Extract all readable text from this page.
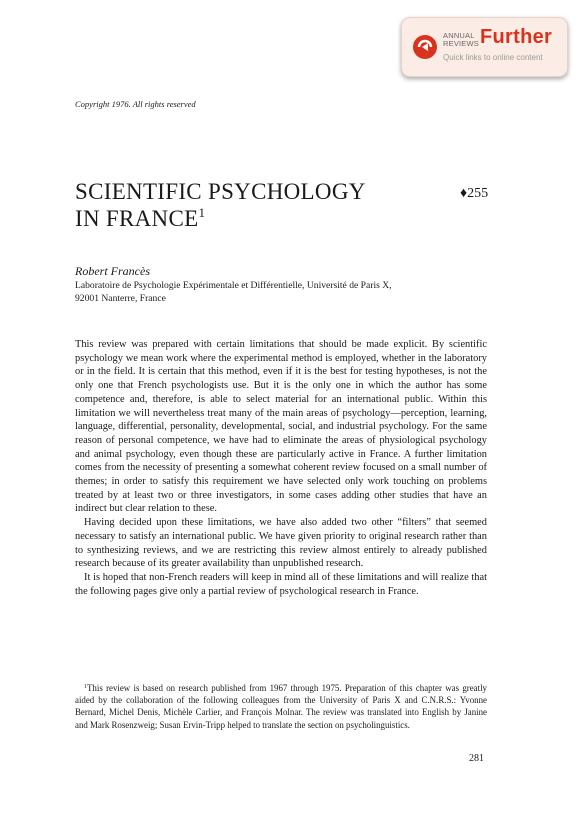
ANNUAL REVIEWS Further
Quick links to online content
Copyright 1976. All rights reserved
SCIENTIFIC PSYCHOLOGY
IN FRANCE$^1$
♦255
Robert Francès
Laboratoire de Psychologie Expérimentale et Différentielle, Université de Paris X,
92001 Nanterre, France

This review was prepared with certain limitations that should be made explicit. By scientific psychology we mean work where the experimental method is employed, whether in the laboratory or in the field. It is certain that this method, even if it is the best for testing hypotheses, is not the only one that French psychologists use. But it is the only one in which the author has some competence and, therefore, is able to select material for an international public. Within this limitation we will nevertheless treat many of the main areas of psychology—perception, learning, language, differential, personality, developmental, social, and industrial psychology. For the same reason of personal competence, we have had to eliminate the areas of physiological psychology and animal psychology, even though these are particularly active in France. A further limitation comes from the necessity of presenting a somewhat coherent review focused on a small number of themes; in order to satisfy this requirement we have selected only work touching on problems treated by at least two or three investigators, in some cases adding other studies that have an indirect but clear relation to these.

Having decided upon these limitations, we have also added two other “filters” that seemed necessary to satisfy an international public. We have given priority to original research rather than to synthesizing reviews, and we are restricting this review almost entirely to already published research because of its greater availability than unpublished research.

It is hoped that non-French readers will keep in mind all of these limitations and will realize that the following pages give only a partial review of psychological research in France.

$^1$This review is based on research published from 1967 through 1975. Preparation of this chapter was greatly aided by the collaboration of the following colleagues from the University of Paris X and C.N.R.S.: Yvonne Bernard, Michel Denis, Michèle Carlier, and François Molnar. The review was translated into English by Janine and Mark Rosenzweig; Susan Ervin-Tripp helped to translate the section on psycholinguistics.
281
